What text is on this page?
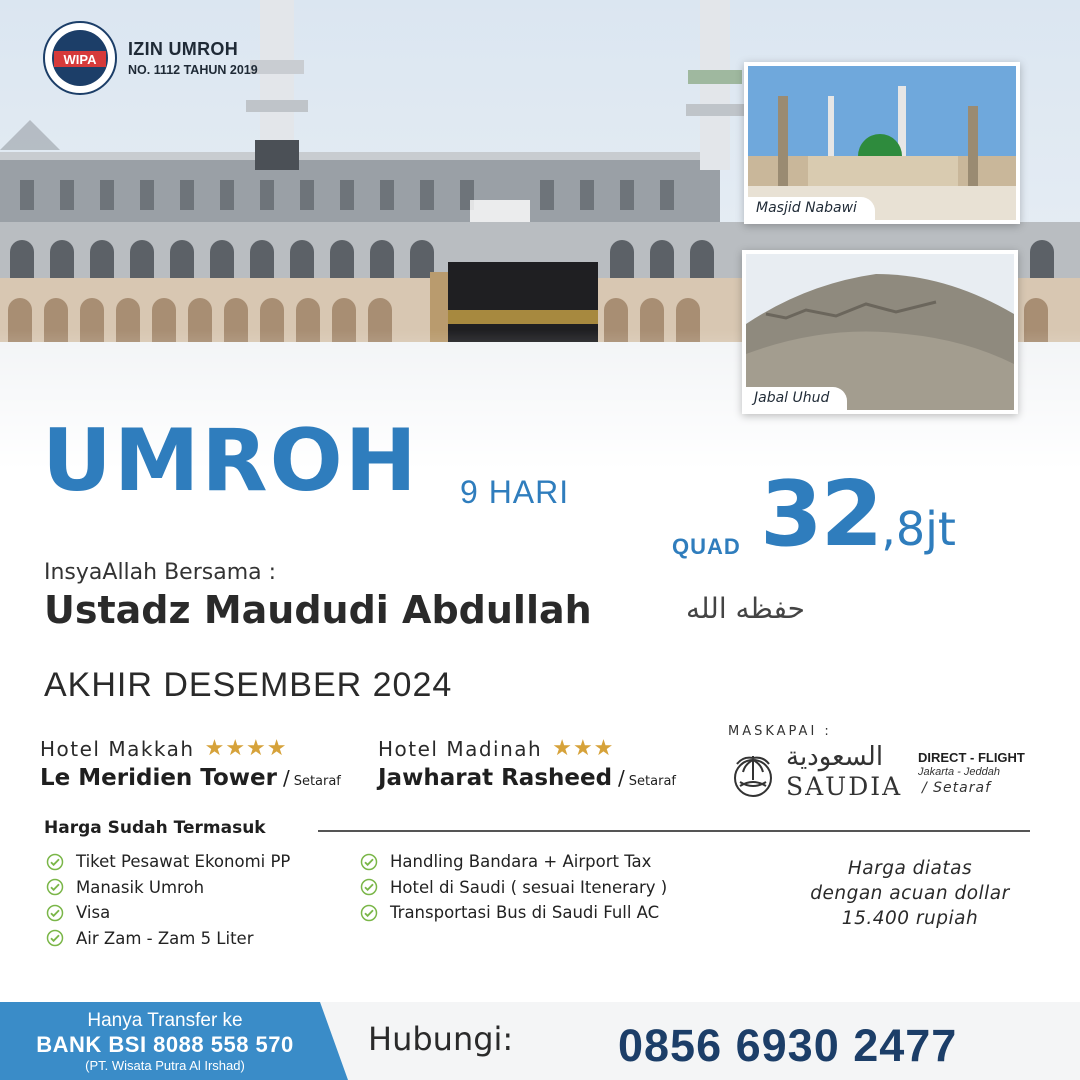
WIPA
IZIN UMROH
NO. 1112 TAHUN 2019
Masjid Nabawi
Jabal Uhud
UMROH 9 HARI
QUAD 32,8jt
InsyaAllah Bersama :
Ustadz Maududi Abdullah	حفظه الله
AKHIR DESEMBER 2024
Hotel Makkah ★★★★
Le Meridien Tower / Setaraf
Hotel Madinah ★★★
Jawharat Rasheed / Setaraf
MASKAPAI :
السعودية
SAUDIA
DIRECT - FLIGHT
Jakarta - Jeddah
/ Setaraf
Harga Sudah Termasuk
Tiket Pesawat Ekonomi PP
Manasik Umroh
Visa
Air Zam - Zam 5 Liter
Handling Bandara + Airport Tax
Hotel di Saudi ( sesuai Itenerary )
Transportasi Bus di Saudi Full AC
Harga diatas
dengan acuan dollar
15.400 rupiah
Hanya Transfer ke
BANK BSI 8088 558 570
(PT. Wisata Putra Al Irshad)
Hubungi: 0856 6930 2477
